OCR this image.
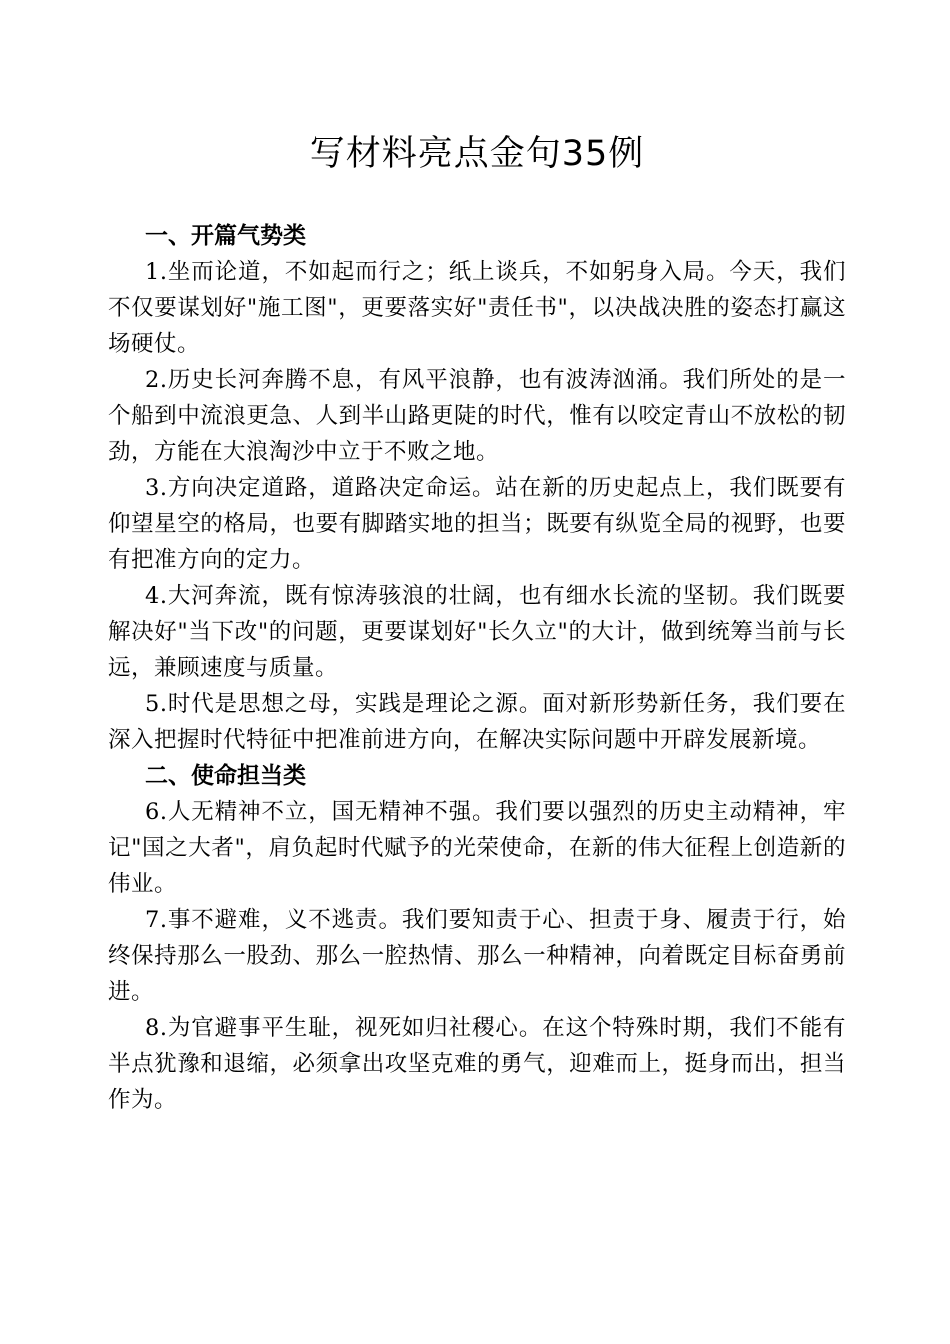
写材料亮点金句35例

一、开篇气势类

1.坐而论道，不如起而行之；纸上谈兵，不如躬身入局。今天，我们不仅要谋划好"施工图"，更要落实好"责任书"，以决战决胜的姿态打赢这场硬仗。

2.历史长河奔腾不息，有风平浪静，也有波涛汹涌。我们所处的是一个船到中流浪更急、人到半山路更陡的时代，惟有以咬定青山不放松的韧劲，方能在大浪淘沙中立于不败之地。

3.方向决定道路，道路决定命运。站在新的历史起点上，我们既要有仰望星空的格局，也要有脚踏实地的担当；既要有纵览全局的视野，也要有把准方向的定力。

4.大河奔流，既有惊涛骇浪的壮阔，也有细水长流的坚韧。我们既要解决好"当下改"的问题，更要谋划好"长久立"的大计，做到统筹当前与长远，兼顾速度与质量。

5.时代是思想之母，实践是理论之源。面对新形势新任务，我们要在深入把握时代特征中把准前进方向，在解决实际问题中开辟发展新境。

二、使命担当类

6.人无精神不立，国无精神不强。我们要以强烈的历史主动精神，牢记"国之大者"，肩负起时代赋予的光荣使命，在新的伟大征程上创造新的伟业。

7.事不避难，义不逃责。我们要知责于心、担责于身、履责于行，始终保持那么一股劲、那么一腔热情、那么一种精神，向着既定目标奋勇前进。

8.为官避事平生耻，视死如归社稷心。在这个特殊时期，我们不能有半点犹豫和退缩，必须拿出攻坚克难的勇气，迎难而上，挺身而出，担当作为。
